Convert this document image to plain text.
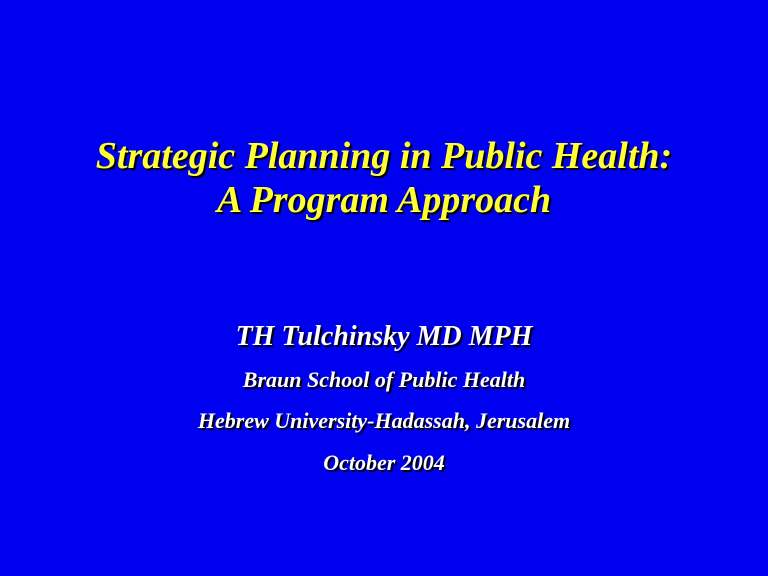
Strategic Planning in Public Health:
A Program Approach
TH Tulchinsky MD MPH
Braun School of Public Health
Hebrew University-Hadassah, Jerusalem
October 2004
